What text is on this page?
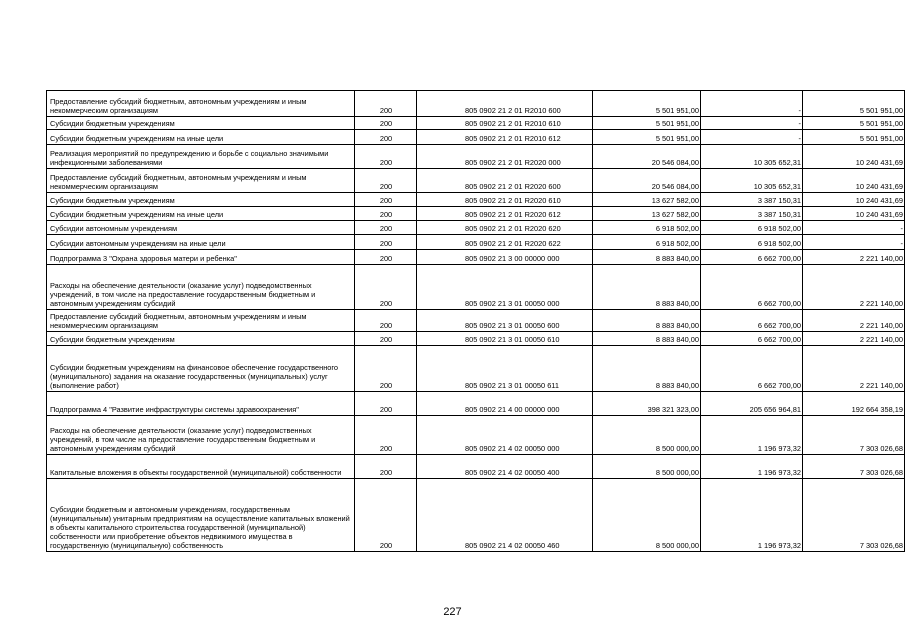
Предоставление субсидий бюджетным, автономным учреждениям и иным некоммерческим организациям	200	805 0902 21 2 01 R2010 600	5 501 951,00	-	5 501 951,00
Субсидии бюджетным учреждениям	200	805 0902 21 2 01 R2010 610	5 501 951,00	-	5 501 951,00
Субсидии бюджетным учреждениям на иные цели	200	805 0902 21 2 01 R2010 612	5 501 951,00	-	5 501 951,00
Реализация мероприятий по предупреждению и борьбе с социально значимыми инфекционными заболеваниями	200	805 0902 21 2 01 R2020 000	20 546 084,00	10 305 652,31	10 240 431,69
Предоставление субсидий бюджетным, автономным учреждениям и иным некоммерческим организациям	200	805 0902 21 2 01 R2020 600	20 546 084,00	10 305 652,31	10 240 431,69
Субсидии бюджетным учреждениям	200	805 0902 21 2 01 R2020 610	13 627 582,00	3 387 150,31	10 240 431,69
Субсидии бюджетным учреждениям на иные цели	200	805 0902 21 2 01 R2020 612	13 627 582,00	3 387 150,31	10 240 431,69
Субсидии автономным учреждениям	200	805 0902 21 2 01 R2020 620	6 918 502,00	6 918 502,00	-
Субсидии автономным учреждениям на иные цели	200	805 0902 21 2 01 R2020 622	6 918 502,00	6 918 502,00	-
Подпрограмма 3 "Охрана здоровья матери и ребенка"	200	805 0902 21 3 00 00000 000	8 883 840,00	6 662 700,00	2 221 140,00
Расходы на обеспечение деятельности (оказание услуг) подведомственных учреждений, в том числе на предоставление государственным бюджетным и автономным учреждениям субсидий	200	805 0902 21 3 01 00050 000	8 883 840,00	6 662 700,00	2 221 140,00
Предоставление субсидий бюджетным, автономным учреждениям и иным некоммерческим организациям	200	805 0902 21 3 01 00050 600	8 883 840,00	6 662 700,00	2 221 140,00
Субсидии бюджетным учреждениям	200	805 0902 21 3 01 00050 610	8 883 840,00	6 662 700,00	2 221 140,00
Субсидии бюджетным учреждениям на финансовое обеспечение государственного (муниципального) задания на оказание государственных (муниципальных) услуг (выполнение работ)	200	805 0902 21 3 01 00050 611	8 883 840,00	6 662 700,00	2 221 140,00
Подпрограмма 4 "Развитие инфраструктуры системы здравоохранения"	200	805 0902 21 4 00 00000 000	398 321 323,00	205 656 964,81	192 664 358,19
Расходы на обеспечение деятельности (оказание услуг) подведомственных учреждений, в том числе на предоставление государственным бюджетным и автономным учреждениям субсидий	200	805 0902 21 4 02 00050 000	8 500 000,00	1 196 973,32	7 303 026,68
Капитальные вложения в объекты государственной (муниципальной) собственности	200	805 0902 21 4 02 00050 400	8 500 000,00	1 196 973,32	7 303 026,68
Субсидии бюджетным и автономным учреждениям, государственным (муниципальным) унитарным предприятиям на осуществление капитальных вложений в объекты капитального строительства государственной (муниципальной) собственности или приобретение объектов недвижимого имущества в государственную (муниципальную) собственность	200	805 0902 21 4 02 00050 460	8 500 000,00	1 196 973,32	7 303 026,68
227
